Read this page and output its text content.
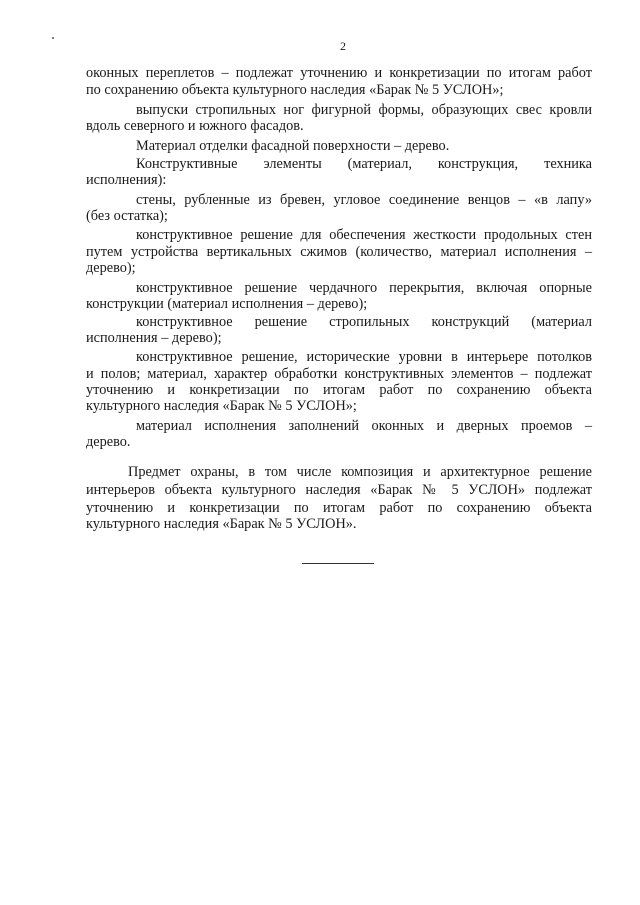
2
оконных переплетов – подлежат уточнению и конкретизации по итогам работ
по сохранению объекта культурного наследия «Барак № 5 УСЛОН»;
выпуски стропильных ног фигурной формы, образующих свес кровли
вдоль северного и южного фасадов.
Материал отделки фасадной поверхности – дерево.
Конструктивные элементы (материал, конструкция, техника
исполнения):
стены, рубленные из бревен, угловое соединение венцов – «в лапу»
(без остатка);
конструктивное решение для обеспечения жесткости продольных стен
путем устройства вертикальных сжимов (количество, материал исполнения –
дерево);
конструктивное решение чердачного перекрытия, включая опорные
конструкции (материал исполнения – дерево);
конструктивное решение стропильных конструкций (материал
исполнения – дерево);
конструктивное решение, исторические уровни в интерьере потолков
и полов; материал, характер обработки конструктивных элементов – подлежат
уточнению и конкретизации по итогам работ по сохранению объекта
культурного наследия «Барак № 5 УСЛОН»;
материал исполнения заполнений оконных и дверных проемов –
дерево.
Предмет охраны, в том числе композиция и архитектурное решение
интерьеров объекта культурного наследия «Барак № 5 УСЛОН» подлежат
уточнению и конкретизации по итогам работ по сохранению объекта
культурного наследия «Барак № 5 УСЛОН».
